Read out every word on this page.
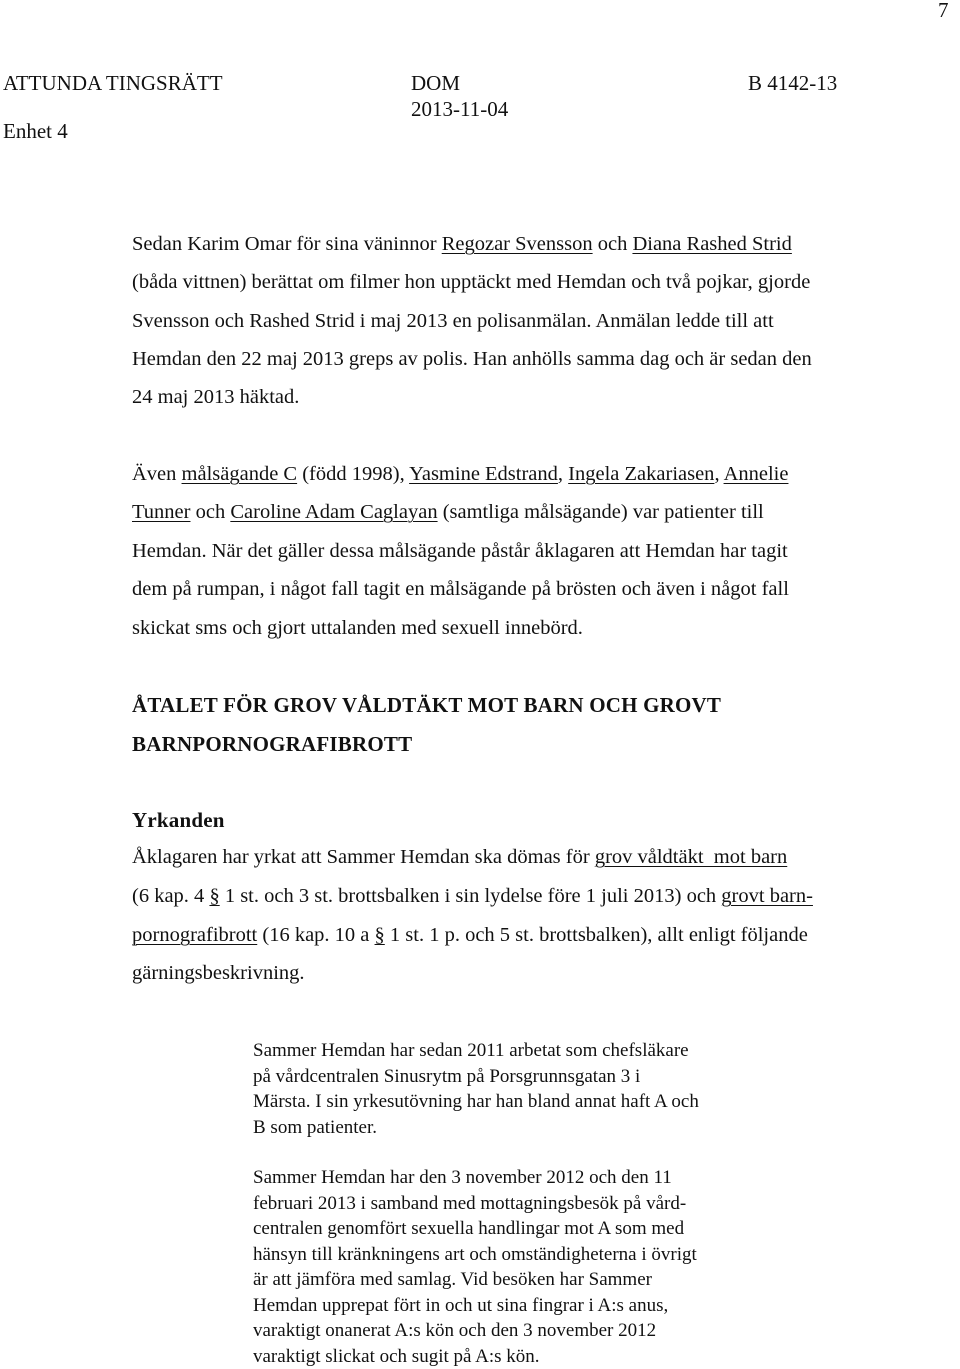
7
ATTUNDA TINGSRÄTT
Enhet 4
DOM
2013-11-04
B 4142-13
Sedan Karim Omar för sina väninnor Regozar Svensson och Diana Rashed Strid
(båda vittnen) berättat om filmer hon upptäckt med Hemdan och två pojkar, gjorde
Svensson och Rashed Strid i maj 2013 en polisanmälan. Anmälan ledde till att
Hemdan den 22 maj 2013 greps av polis. Han anhölls samma dag och är sedan den
24 maj 2013 häktad.
Även målsägande C (född 1998), Yasmine Edstrand, Ingela Zakariasen, Annelie
Tunner och Caroline Adam Caglayan (samtliga målsägande) var patienter till
Hemdan. När det gäller dessa målsägande påstår åklagaren att Hemdan har tagit
dem på rumpan, i något fall tagit en målsägande på brösten och även i något fall
skickat sms och gjort uttalanden med sexuell innebörd.
ÅTALET FÖR GROV VÅLDTÄKT MOT BARN OCH GROVT
BARNPORNOGRAFIBROTT
Yrkanden
Åklagaren har yrkat att Sammer Hemdan ska dömas för grov våldtäkt  mot barn
(6 kap. 4 § 1 st. och 3 st. brottsbalken i sin lydelse före 1 juli 2013) och grovt barn-
pornografibrott (16 kap. 10 a § 1 st. 1 p. och 5 st. brottsbalken), allt enligt följande
gärningsbeskrivning.
Sammer Hemdan har sedan 2011 arbetat som chefsläkare
på vårdcentralen Sinusrytm på Porsgrunnsgatan 3 i
Märsta. I sin yrkesutövning har han bland annat haft A och
B som patienter.
Sammer Hemdan har den 3 november 2012 och den 11
februari 2013 i samband med mottagningsbesök på vård-
centralen genomfört sexuella handlingar mot A som med
hänsyn till kränkningens art och omständigheterna i övrigt
är att jämföra med samlag. Vid besöken har Sammer
Hemdan upprepat fört in och ut sina fingrar i A:s anus,
varaktigt onanerat A:s kön och den 3 november 2012
varaktigt slickat och sugit på A:s kön.
